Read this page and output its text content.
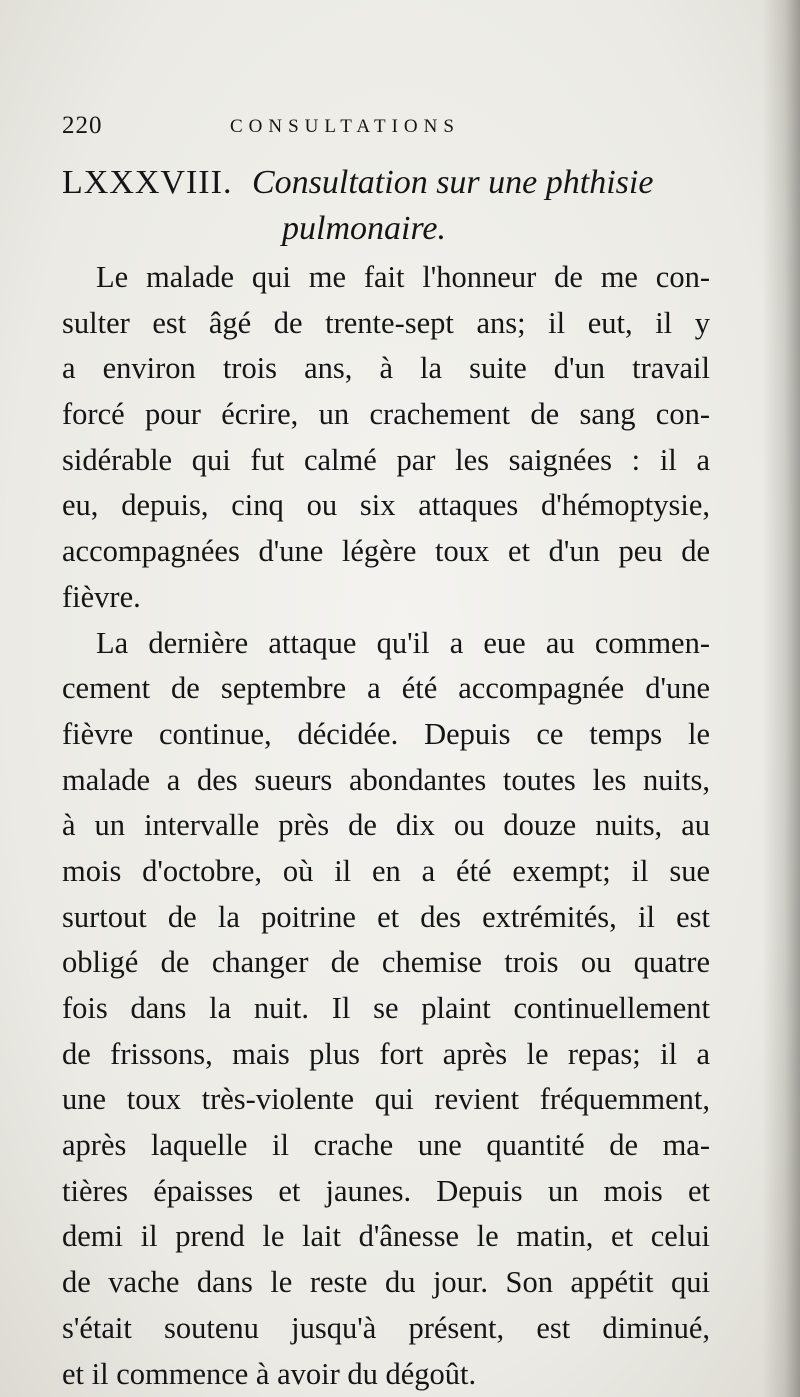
220	CONSULTATIONS
LXXXVIII. Consultation sur une phthisie
pulmonaire.

Le malade qui me fait l'honneur de me con-
sulter est âgé de trente-sept ans; il eut, il y
a environ trois ans, à la suite d'un travail
forcé pour écrire, un crachement de sang con-
sidérable qui fut calmé par les saignées : il a
eu, depuis, cinq ou six attaques d'hémoptysie,
accompagnées d'une légère toux et d'un peu de
fièvre.

La dernière attaque qu'il a eue au commen-
cement de septembre a été accompagnée d'une
fièvre continue, décidée. Depuis ce temps le
malade a des sueurs abondantes toutes les nuits,
à un intervalle près de dix ou douze nuits, au
mois d'octobre, où il en a été exempt; il sue
surtout de la poitrine et des extrémités, il est
obligé de changer de chemise trois ou quatre
fois dans la nuit. Il se plaint continuellement
de frissons, mais plus fort après le repas; il a
une toux très-violente qui revient fréquemment,
après laquelle il crache une quantité de ma-
tières épaisses et jaunes. Depuis un mois et
demi il prend le lait d'ânesse le matin, et celui
de vache dans le reste du jour. Son appétit qui
s'était soutenu jusqu'à présent, est diminué,
et il commence à avoir du dégoût.
